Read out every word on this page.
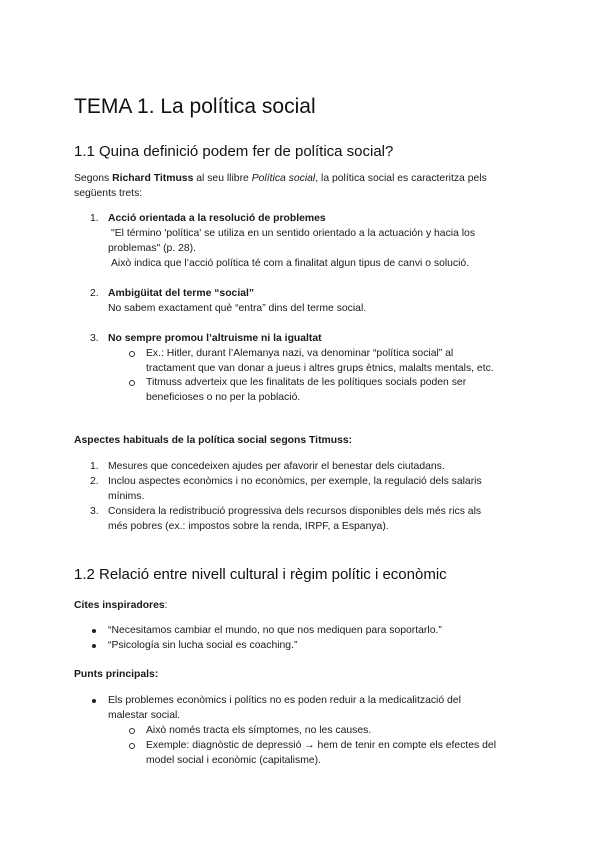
TEMA 1. La política social
1.1 Quina definició podem fer de política social?

Segons Richard Titmuss al seu llibre Política social, la política social es caracteritza pels

següents trets:

1. Acció orientada a la resolució de problemes

"El término 'política' se utiliza en un sentido orientado a la actuación y hacia los

problemas" (p. 28).

Això indica que l’acció política té com a finalitat algun tipus de canvi o solució.

2. Ambigüitat del terme “social”

No sabem exactament què “entra” dins del terme social.

3. No sempre promou l’altruisme ni la igualtat

Ex.: Hitler, durant l’Alemanya nazi, va denominar “política social” al

tractament que van donar a jueus i altres grups ètnics, malalts mentals, etc.

Titmuss adverteix que les finalitats de les polítiques socials poden ser

beneficioses o no per la població.

Aspectes habituals de la política social segons Titmuss:

1. Mesures que concedeixen ajudes per afavorir el benestar dels ciutadans.

2. Inclou aspectes econòmics i no econòmics, per exemple, la regulació dels salaris

mínims.

3. Considera la redistribució progressiva dels recursos disponibles dels més rics als

més pobres (ex.: impostos sobre la renda, IRPF, a Espanya).

1.2 Relació entre nivell cultural i règim polític i econòmic

Cites inspiradores:

“Necesitamos cambiar el mundo, no que nos mediquen para soportarlo.”

“Psicología sin lucha social es coaching.”

Punts principals:

Els problemes econòmics i polítics no es poden reduir a la medicalització del

malestar social.

Això només tracta els símptomes, no les causes.

Exemple: diagnòstic de depressió → hem de tenir en compte els efectes del

model social i econòmic (capitalisme).
